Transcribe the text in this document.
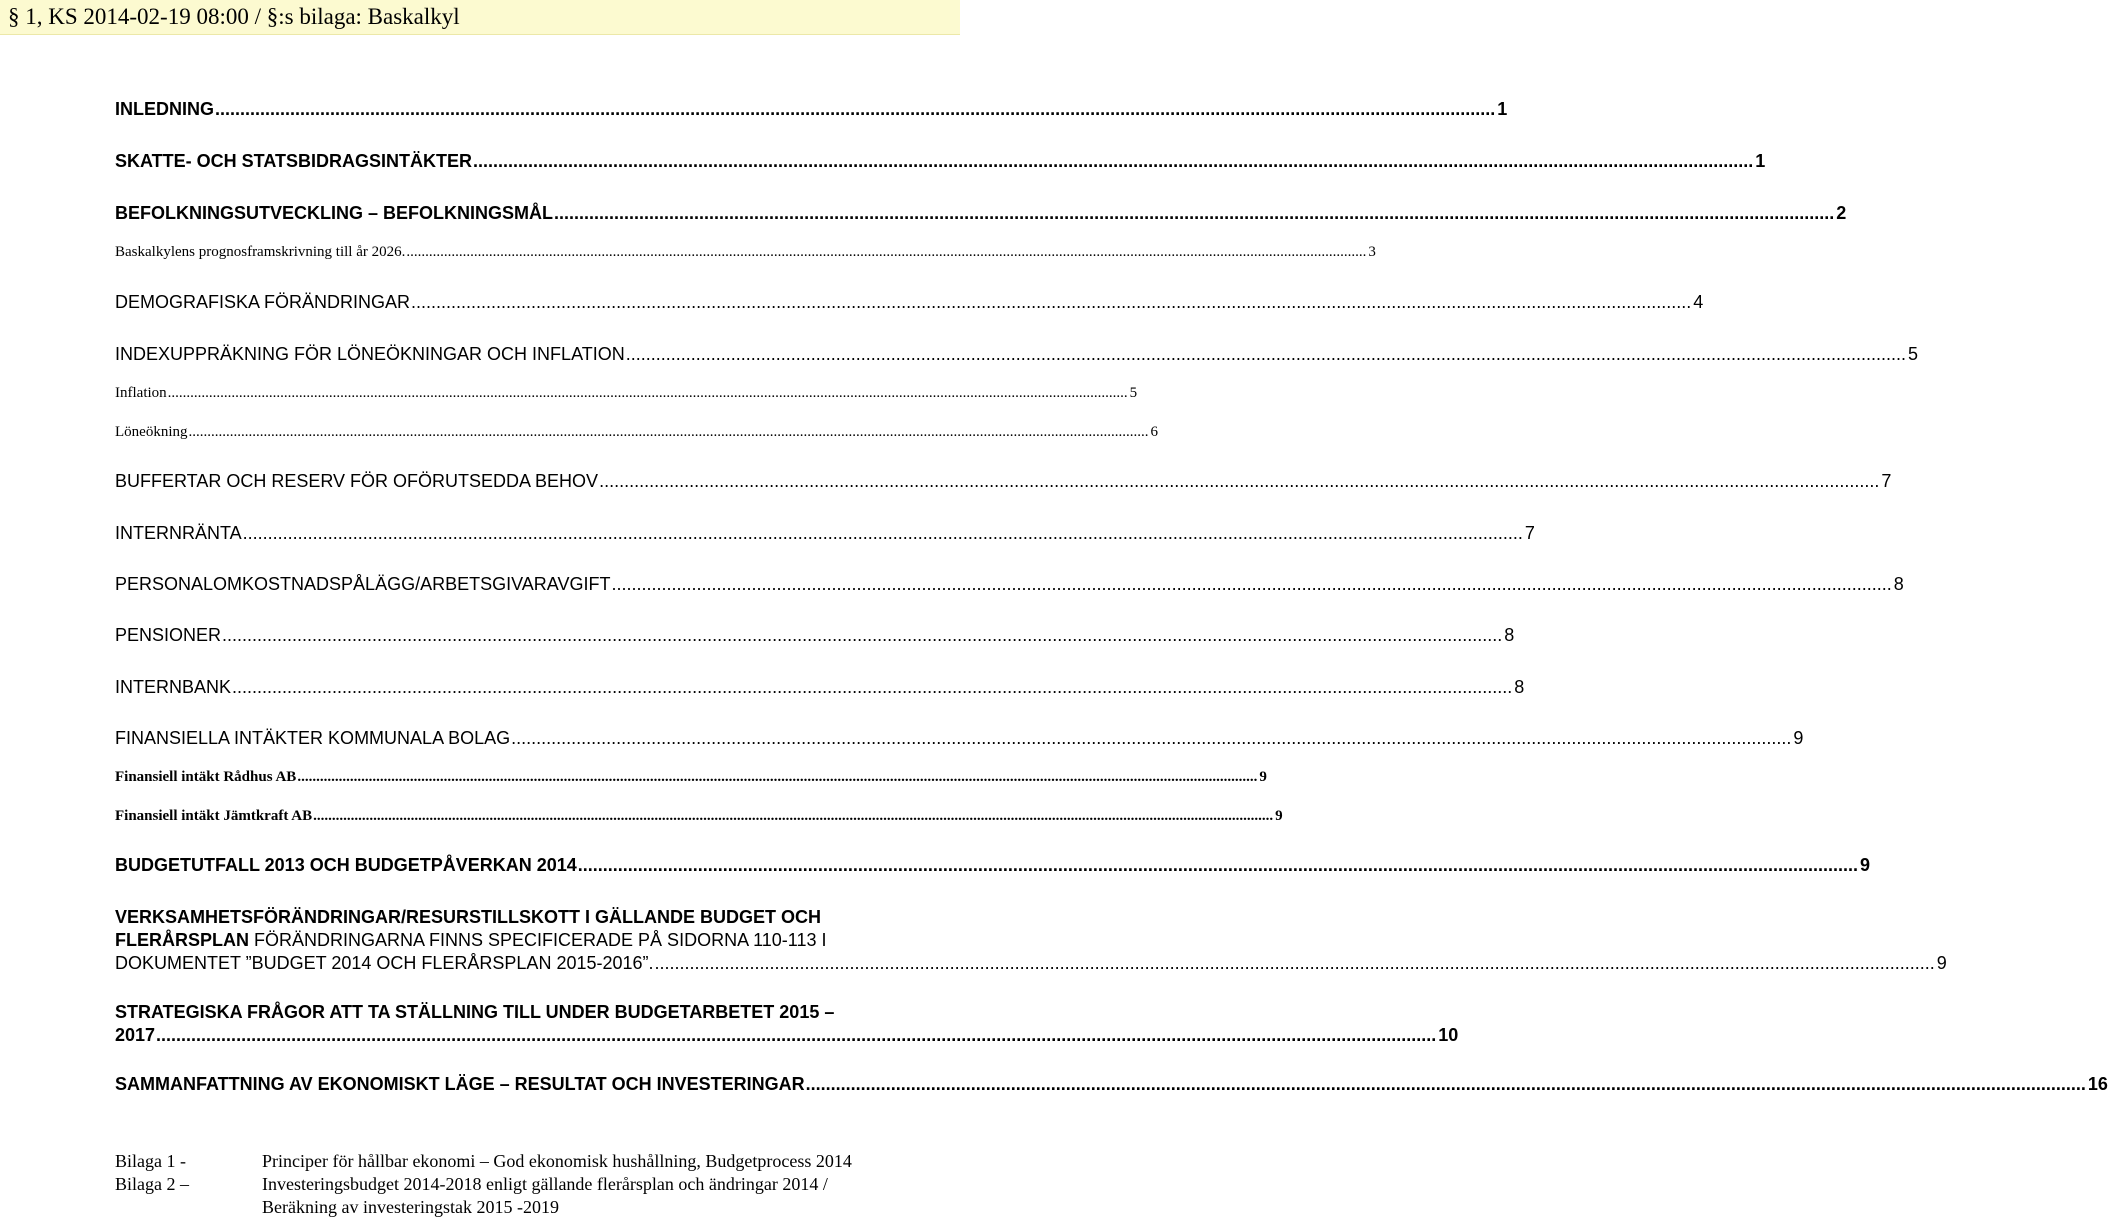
§ 1, KS 2014-02-19 08:00 / §:s bilaga: Baskalkyl
INLEDNING ................................................................................................................................................................................................................................................................ 1
SKATTE- OCH STATSBIDRAGSINTÄKTER ................................................................................................................................................................................................................................................................ 1
BEFOLKNINGSUTVECKLING – BEFOLKNINGSMÅL ................................................................................................................................................................................................................................................................ 2
Baskalkylens prognosframskrivning till år 2026. ................................................................................................................................................................................................................................................................ 3
DEMOGRAFISKA FÖRÄNDRINGAR ................................................................................................................................................................................................................................................................ 4
INDEXUPPRÄKNING FÖR LÖNEÖKNINGAR OCH INFLATION ................................................................................................................................................................................................................................................................ 5
Inflation ................................................................................................................................................................................................................................................................ 5
Löneökning ................................................................................................................................................................................................................................................................ 6
BUFFERTAR OCH RESERV FÖR OFÖRUTSEDDA BEHOV ................................................................................................................................................................................................................................................................ 7
INTERNRÄNTA ................................................................................................................................................................................................................................................................ 7
PERSONALOMKOSTNADSPÅLÄGG/ARBETSGIVARAVGIFT ................................................................................................................................................................................................................................................................ 8
PENSIONER ................................................................................................................................................................................................................................................................ 8
INTERNBANK ................................................................................................................................................................................................................................................................ 8
FINANSIELLA INTÄKTER KOMMUNALA BOLAG ................................................................................................................................................................................................................................................................ 9
Finansiell intäkt Rådhus AB ................................................................................................................................................................................................................................................................ 9
Finansiell intäkt Jämtkraft AB ................................................................................................................................................................................................................................................................ 9
BUDGETUTFALL 2013 OCH BUDGETPÅVERKAN 2014 ................................................................................................................................................................................................................................................................ 9
VERKSAMHETSFÖRÄNDRINGAR/RESURSTILLSKOTT I GÄLLANDE BUDGET OCH
FLERÅRSPLAN FÖRÄNDRINGARNA FINNS SPECIFICERADE PÅ SIDORNA 110-113 I
DOKUMENTET ”BUDGET 2014 OCH FLERÅRSPLAN 2015-2016”. ................................................................................................................................................................................................................................................................ 9
STRATEGISKA FRÅGOR ATT TA STÄLLNING TILL UNDER BUDGETARBETET 2015 –
2017 ................................................................................................................................................................................................................................................................ 10
SAMMANFATTNING AV EKONOMISKT LÄGE – RESULTAT OCH INVESTERINGAR ................................................................................................................................................................................................................................................................ 16
Bilaga 1 -	Principer för hållbar ekonomi – God ekonomisk hushållning, Budgetprocess 2014
Bilaga 2 –	Investeringsbudget 2014-2018 enligt gällande flerårsplan och ändringar 2014 /
Beräkning av investeringstak 2015 -2019
